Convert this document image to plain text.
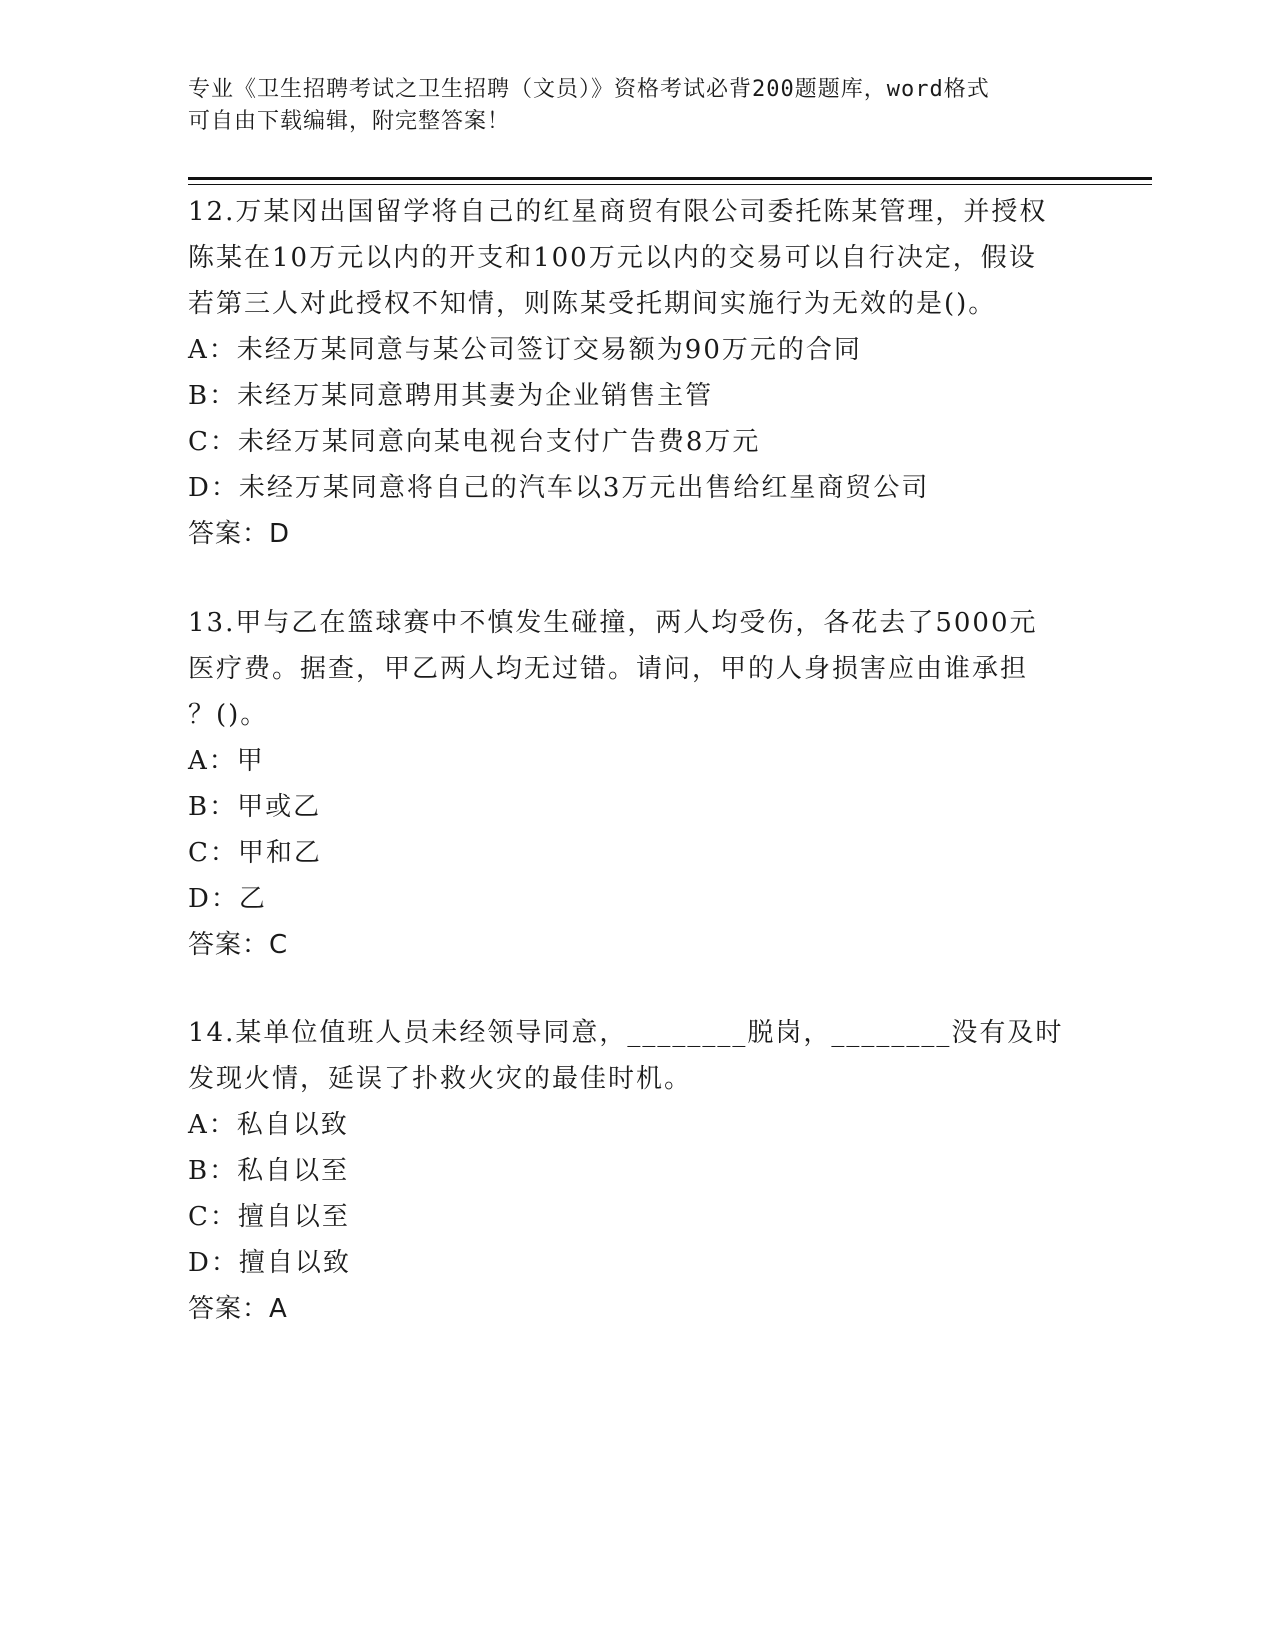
专业《卫生招聘考试之卫生招聘（文员）》资格考试必背200题题库，word格式
可自由下载编辑，附完整答案！
12.万某冈出国留学将自己的红星商贸有限公司委托陈某管理，并授权
陈某在10万元以内的开支和100万元以内的交易可以自行决定，假设
若第三人对此授权不知情，则陈某受托期间实施行为无效的是()。
A：未经万某同意与某公司签订交易额为90万元的合同
B：未经万某同意聘用其妻为企业销售主管
C：未经万某同意向某电视台支付广告费8万元
D：未经万某同意将自己的汽车以3万元出售给红星商贸公司
答案：D
13.甲与乙在篮球赛中不慎发生碰撞，两人均受伤，各花去了5000元
医疗费。据查，甲乙两人均无过错。请问，甲的人身损害应由谁承担
？()。
A：甲
B：甲或乙
C：甲和乙
D：乙
答案：C
14.某单位值班人员未经领导同意，________脱岗，________没有及时
发现火情，延误了扑救火灾的最佳时机。
A：私自以致
B：私自以至
C：擅自以至
D：擅自以致
答案：A
